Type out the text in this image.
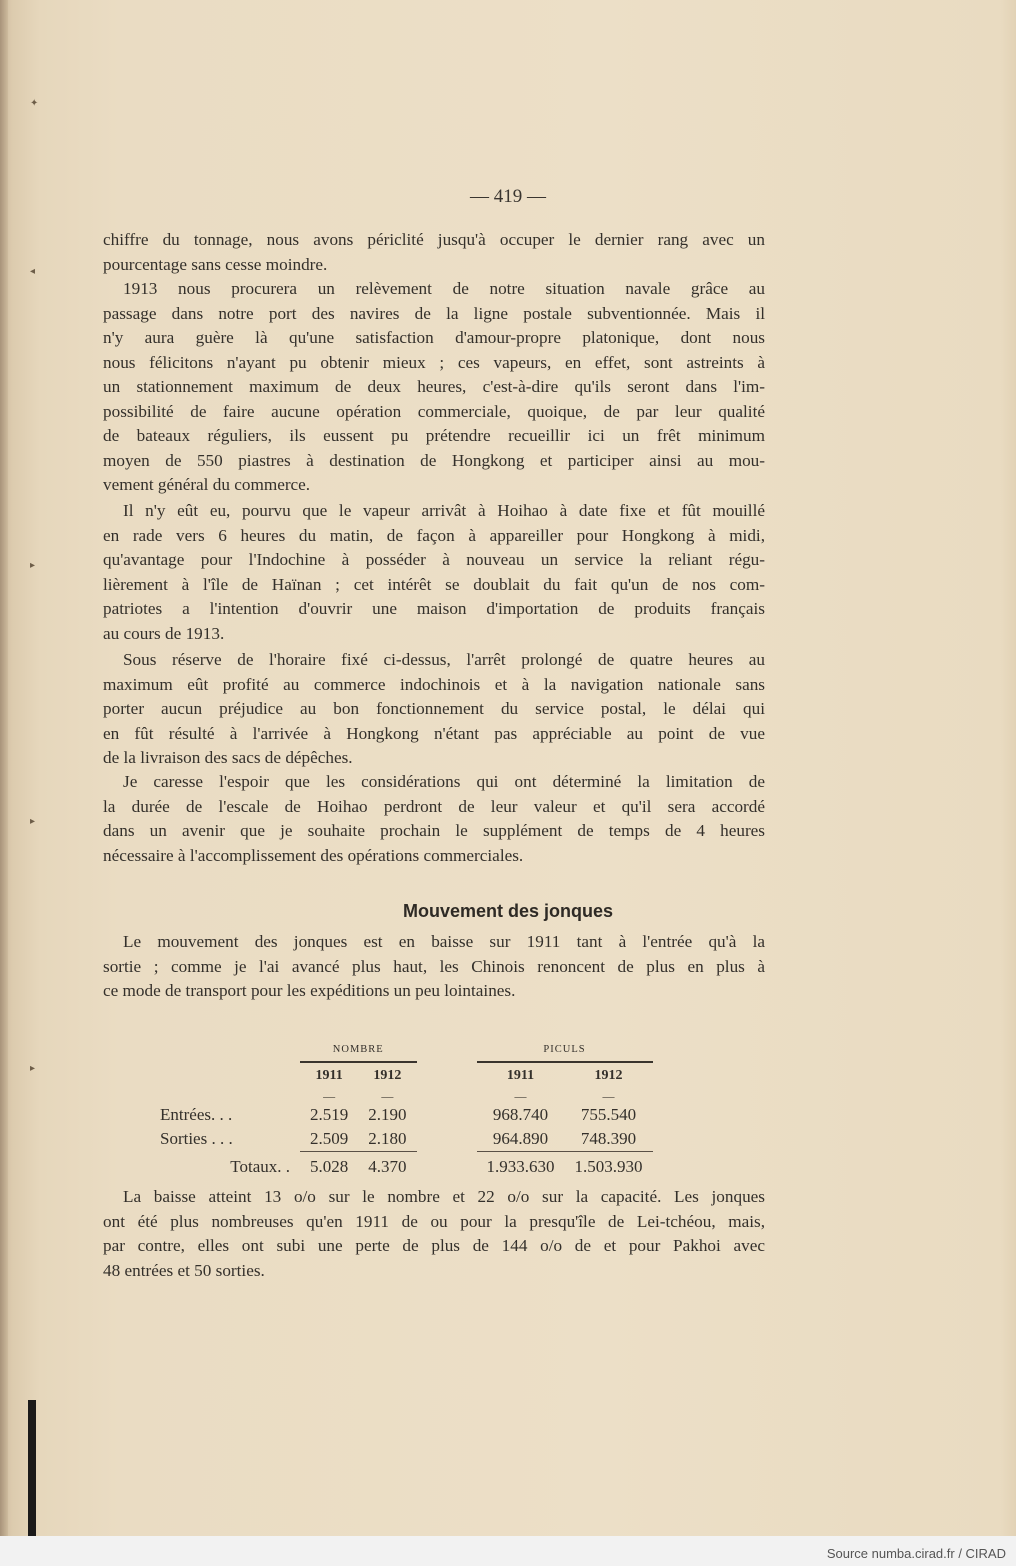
✦
◂
▸
▸
▸
— 419 —
chiffre du tonnage, nous avons périclité jusqu'à occuper le dernier rang avec un
pourcentage sans cesse moindre.
1913 nous procurera un relèvement de notre situation navale grâce au
passage dans notre port des navires de la ligne postale subventionnée. Mais il
n'y aura guère là qu'une satisfaction d'amour-propre platonique, dont nous
nous félicitons n'ayant pu obtenir mieux ; ces vapeurs, en effet, sont astreints à
un stationnement maximum de deux heures, c'est-à-dire qu'ils seront dans l'im-
possibilité de faire aucune opération commerciale, quoique, de par leur qualité
de bateaux réguliers, ils eussent pu prétendre recueillir ici un frêt minimum
moyen de 550 piastres à destination de Hongkong et participer ainsi au mou-
vement général du commerce.
Il n'y eût eu, pourvu que le vapeur arrivât à Hoihao à date fixe et fût mouillé
en rade vers 6 heures du matin, de façon à appareiller pour Hongkong à midi,
qu'avantage pour l'Indochine à posséder à nouveau un service la reliant régu-
lièrement à l'île de Haïnan ; cet intérêt se doublait du fait qu'un de nos com-
patriotes a l'intention d'ouvrir une maison d'importation de produits français
au cours de 1913.
Sous réserve de l'horaire fixé ci-dessus, l'arrêt prolongé de quatre heures au
maximum eût profité au commerce indochinois et à la navigation nationale sans
porter aucun préjudice au bon fonctionnement du service postal, le délai qui
en fût résulté à l'arrivée à Hongkong n'étant pas appréciable au point de vue
de la livraison des sacs de dépêches.
Je caresse l'espoir que les considérations qui ont déterminé la limitation de
la durée de l'escale de Hoihao perdront de leur valeur et qu'il sera accordé
dans un avenir que je souhaite prochain le supplément de temps de 4 heures
nécessaire à l'accomplissement des opérations commerciales.
Mouvement des jonques
Le mouvement des jonques est en baisse sur 1911 tant à l'entrée qu'à la
sortie ; comme je l'ai avancé plus haut, les Chinois renoncent de plus en plus à
ce mode de transport pour les expéditions un peu lointaines.
	NOMBRE			PICULS	
	1911	1912		1911	1912
	—	—		—	—
Entrées. . .	2.519	2.190		968.740	755.540
Sorties . . .	2.509	2.180		964.890	748.390
Totaux. .	5.028	4.370		1.933.630	1.503.930
La baisse atteint 13 o/o sur le nombre et 22 o/o sur la capacité. Les jonques
ont été plus nombreuses qu'en 1911 de ou pour la presqu'île de Lei-tchéou, mais,
par contre, elles ont subi une perte de plus de 144 o/o de et pour Pakhoi avec
48 entrées et 50 sorties.
Source numba.cirad.fr / CIRAD
